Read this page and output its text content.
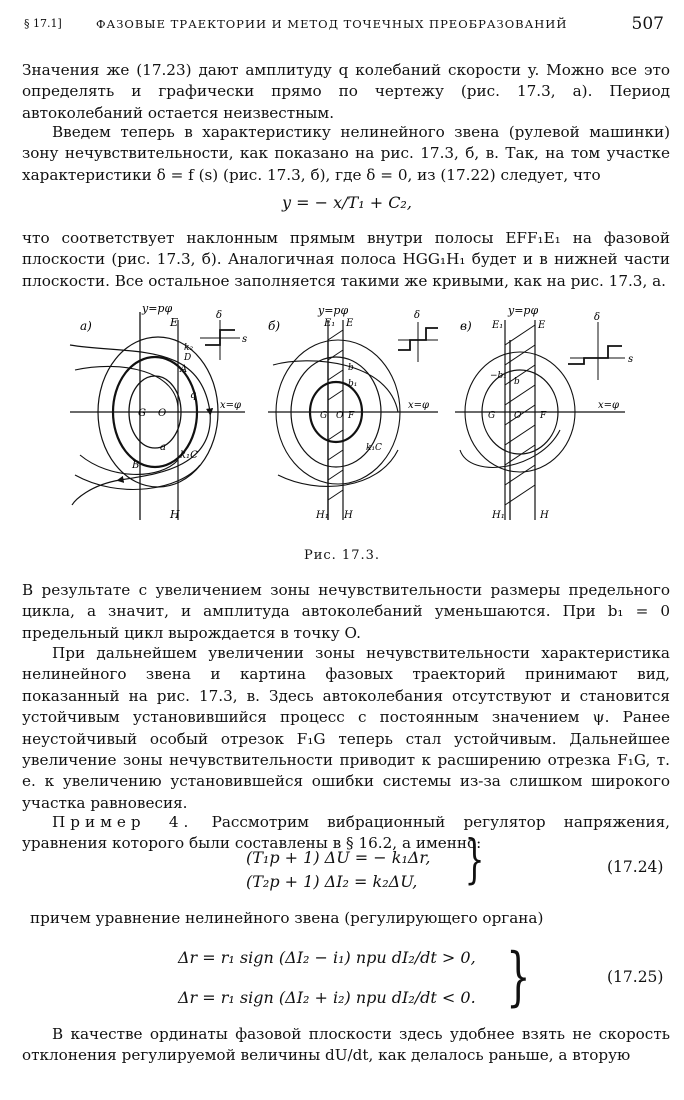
§ 17.1]	ФАЗОВЫЕ ТРАЕКТОРИИ И МЕТОД ТОЧЕЧНЫХ ПРЕОБРАЗОВАНИЙ	507

Значения же (17.23) дают амплитуду q колебаний скорости y. Можно все это определять и графически прямо по чертежу (рис. 17.3, а). Период автоколебаний остается неизвестным.

Введем теперь в характеристику нелинейного звена (рулевой машинки) зону нечувствительности, как показано на рис. 17.3, б, в. Так, на том участке характеристики δ = f (s) (рис. 17.3, б), где δ = 0, из (17.22) следует, что

y = − x/T₁ + C₂,

что соответствует наклонным прямым внутри полосы EFF₁E₁ на фазовой плоскости (рис. 17.3, б). Аналогичная полоса HGG₁H₁ будет и в нижней части плоскости. Все остальное заполняется такими же кривыми, как на рис. 17.3, а.

а)
y=pφ
x=φ
E
H
G O
A
B
k₁C
k₂
D
q
a
δ
s
б)
y=pφ
x=φ
E₁ E
H₁ H
G O F
b
b₁
k₁C
δ
в)
y=pφ
x=φ
E₁	E
H₁	H
G O F
−b₁
b
δ
s
Рис. 17.3.

В результате с увеличением зоны нечувствительности размеры предельного цикла, а значит, и амплитуда автоколебаний уменьшаются. При b₁ = 0 предельный цикл вырождается в точку O.

При дальнейшем увеличении зоны нечувствительности характеристика нелинейного звена и картина фазовых траекторий принимают вид, показанный на рис. 17.3, в. Здесь автоколебания отсутствуют и становится устойчивым установившийся процесс с постоянным значением ψ. Ранее неустойчивый особый отрезок F₁G теперь стал устойчивым. Дальнейшее увеличение зоны нечувствительности приводит к расширению отрезка F₁G, т. е. к увеличению установившейся ошибки системы из-за слишком широкого участка равновесия.

Пример 4. Рассмотрим вибрационный регулятор напряжения, уравнения которого были составлены в § 16.2, а именно:

(T₁p + 1) ΔU = − k₁Δr,
(T₂p + 1) ΔI₂ = k₂ΔU, }	(17.24)

причем уравнение нелинейного звена (регулирующего органа)

Δr = r₁ sign (ΔI₂ − i₁) при dI₂/dt > 0,
Δr = r₁ sign (ΔI₂ + i₂) при dI₂/dt < 0. }	(17.25)

В качестве ординаты фазовой плоскости здесь удобнее взять не скорость отклонения регулируемой величины dU/dt, как делалось раньше, а вторую
